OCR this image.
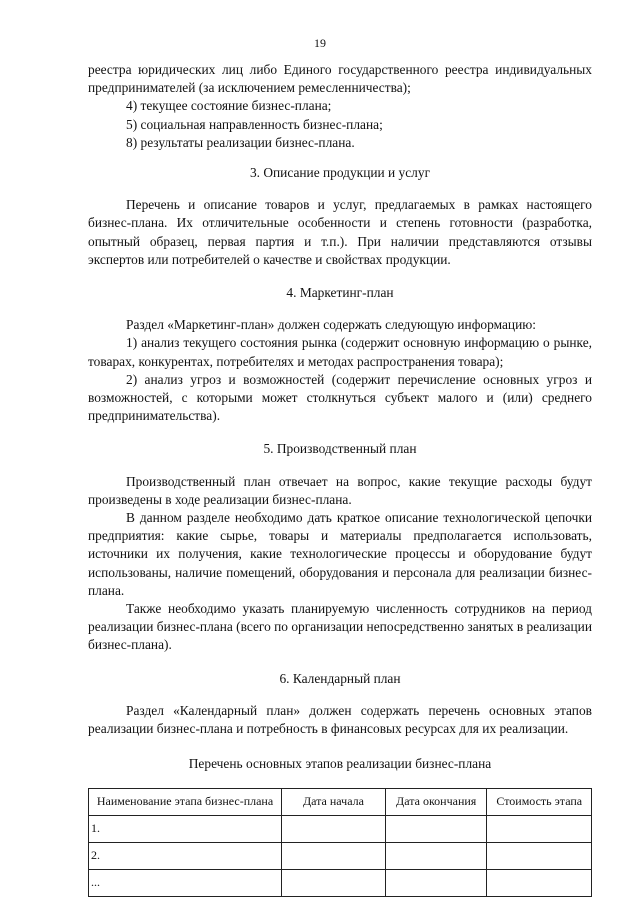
19

реестра юридических лиц либо Единого государственного реестра индивидуальных предпринимателей (за исключением ремесленничества);

4) текущее состояние бизнес-плана;

5) социальная направленность бизнес-плана;

8) результаты реализации бизнес-плана.

3. Описание продукции и услуг

Перечень и описание товаров и услуг, предлагаемых в рамках настоящего бизнес-плана. Их отличительные особенности и степень готовности (разработка, опытный образец, первая партия и т.п.). При наличии представляются отзывы экспертов или потребителей о качестве и свойствах продукции.

4. Маркетинг-план

Раздел «Маркетинг-план» должен содержать следующую информацию:

1) анализ текущего состояния рынка (содержит основную информацию о рынке, товарах, конкурентах, потребителях и методах распространения товара);

2) анализ угроз и возможностей (содержит перечисление основных угроз и возможностей, с которыми может столкнуться субъект малого и (или) среднего предпринимательства).

5. Производственный план

Производственный план отвечает на вопрос, какие текущие расходы будут произведены в ходе реализации бизнес-плана.

В данном разделе необходимо дать краткое описание технологической цепочки предприятия: какие сырье, товары и материалы предполагается использовать, источники их получения, какие технологические процессы и оборудование будут использованы, наличие помещений, оборудования и персонала для реализации бизнес-плана.

Также необходимо указать планируемую численность сотрудников на период реализации бизнес-плана (всего по организации непосредственно занятых в реализации бизнес-плана).

6. Календарный план

Раздел «Календарный план» должен содержать перечень основных этапов реализации бизнес-плана и потребность в финансовых ресурсах для их реализации.

Перечень основных этапов реализации бизнес-плана

Наименование этапа бизнес-плана	Дата начала	Дата окончания	Стоимость этапа
1.			
2.			
...			
